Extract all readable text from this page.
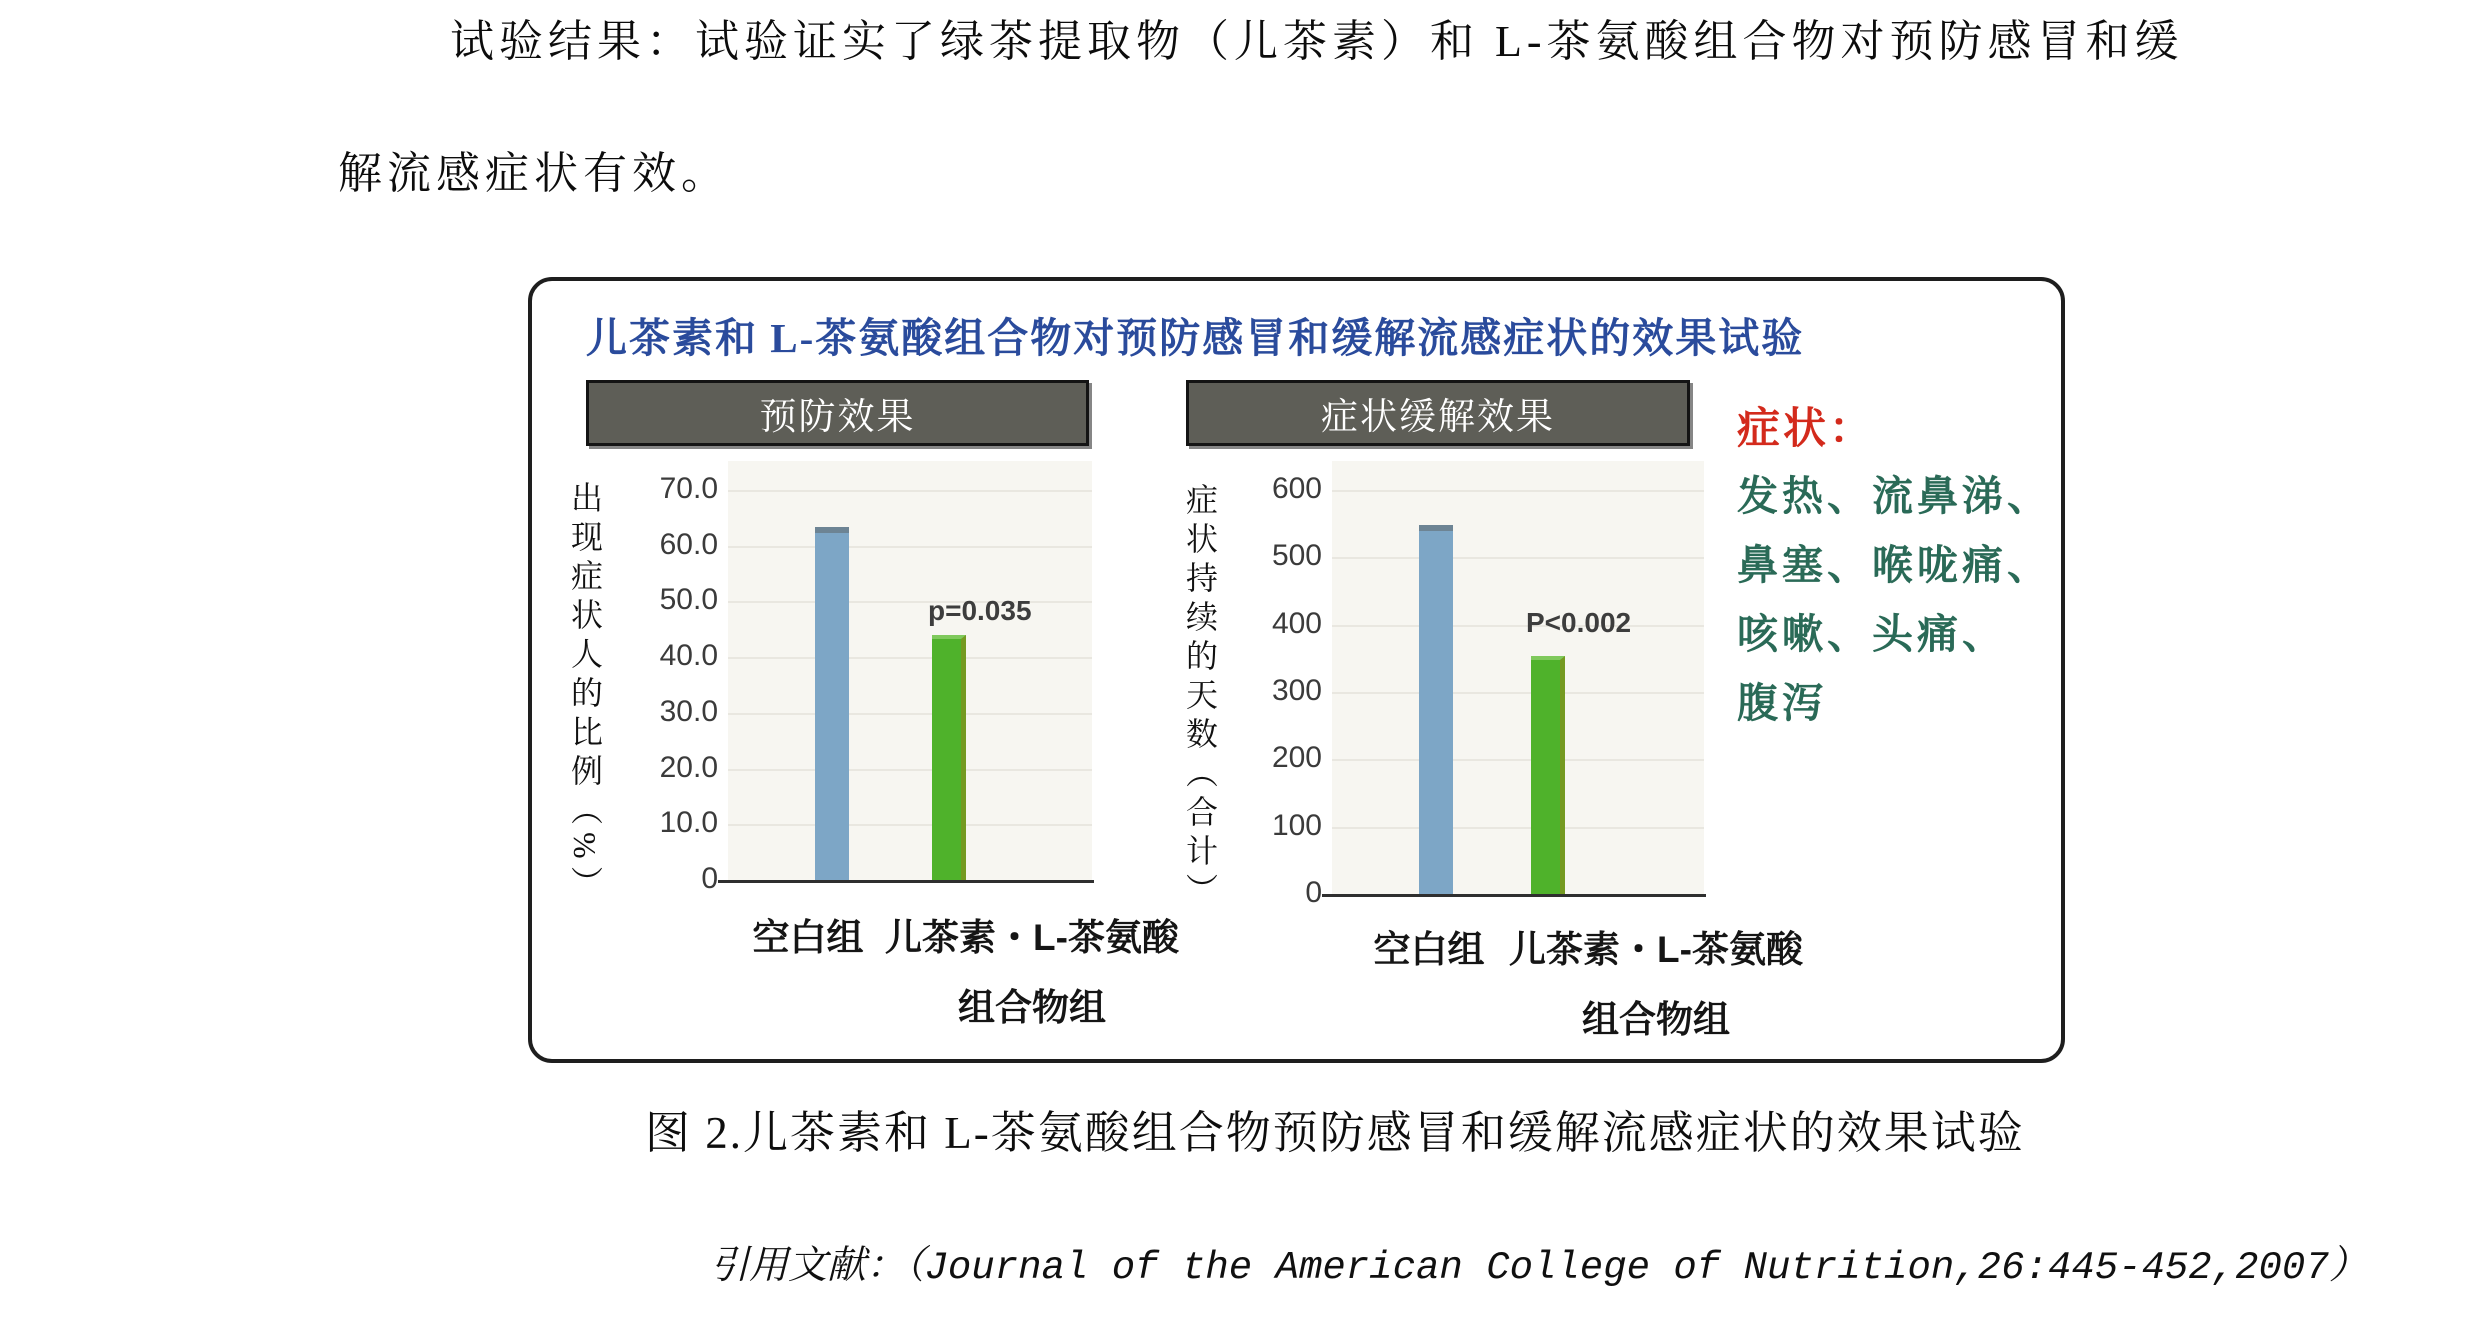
试验结果：试验证实了绿茶提取物（儿茶素）和 L-茶氨酸组合物对预防感冒和缓
解流感症状有效。
儿茶素和 L-茶氨酸组合物对预防感冒和缓解流感症状的效果试验
预防效果	症状缓解效果	症状：
发热、流鼻涕、
鼻塞、喉咙痛、
咳嗽、头痛、
腹泻
70.0
60.0
50.0
40.0
30.0
20.0
10.0
0
p=0.035
出现症状人的比例（%）
空白组 儿茶素・L-茶氨酸
组合物组
600
500
400
300
200
100
0
P<0.002
症状持续的天数（合计）
空白组 儿茶素・L-茶氨酸
组合物组
图 2.儿茶素和 L-茶氨酸组合物预防感冒和缓解流感症状的效果试验
引用文献：（Journal of the American College of Nutrition,26:445-452,2007）
